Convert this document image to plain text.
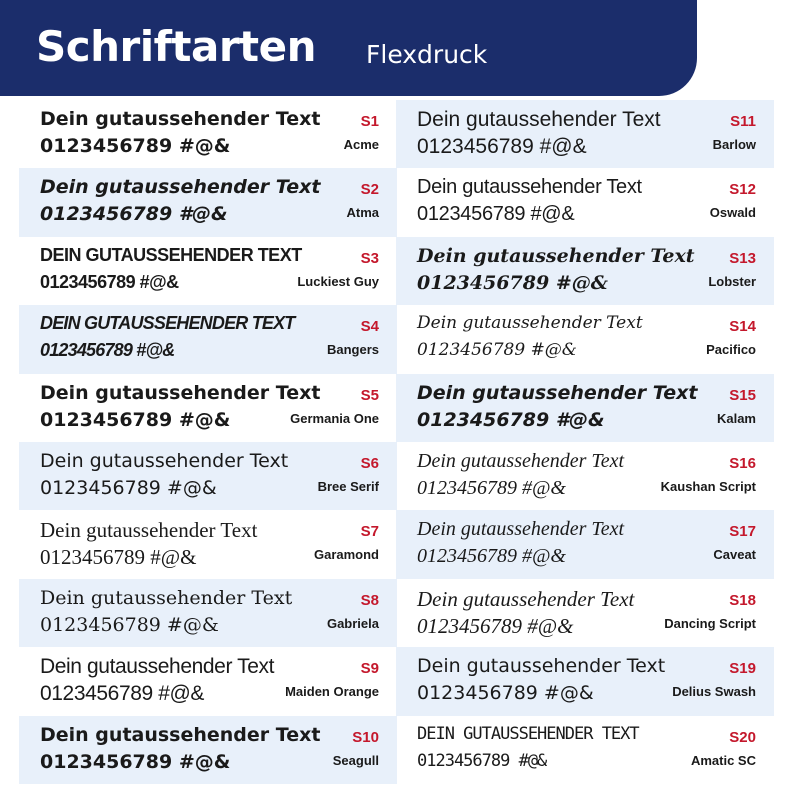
Schriftarten Flexdruck
Dein gutaussehender Text
0123456789 #@&
S1
Acme
Dein gutaussehender Text
0123456789 #@&
S2
Atma
DEIN GUTAUSSEHENDER TEXT
0123456789 #@&
S3
Luckiest Guy
DEIN GUTAUSSEHENDER TEXT
0123456789 #@&
S4
Bangers
Dein gutaussehender Text
0123456789 #@&
S5
Germania One
Dein gutaussehender Text
0123456789 #@&
S6
Bree Serif
Dein gutaussehender Text
0123456789 #@&
S7
Garamond
Dein gutaussehender Text
0123456789 #@&
S8
Gabriela
Dein gutaussehender Text
0123456789 #@&
S9
Maiden Orange
Dein gutaussehender Text
0123456789 #@&
S10
Seagull
Dein gutaussehender Text
0123456789 #@&
S11
Barlow
Dein gutaussehender Text
0123456789 #@&
S12
Oswald
Dein gutaussehender Text
0123456789 #@&
S13
Lobster
Dein gutaussehender Text
0123456789 #@&
S14
Pacifico
Dein gutaussehender Text
0123456789 #@&
S15
Kalam
Dein gutaussehender Text
0123456789 #@&
S16
Kaushan Script
Dein gutaussehender Text
0123456789 #@&
S17
Caveat
Dein gutaussehender Text
0123456789 #@&
S18
Dancing Script
Dein gutaussehender Text
0123456789 #@&
S19
Delius Swash
DEIN GUTAUSSEHENDER TEXT
0123456789 #@&
S20
Amatic SC
